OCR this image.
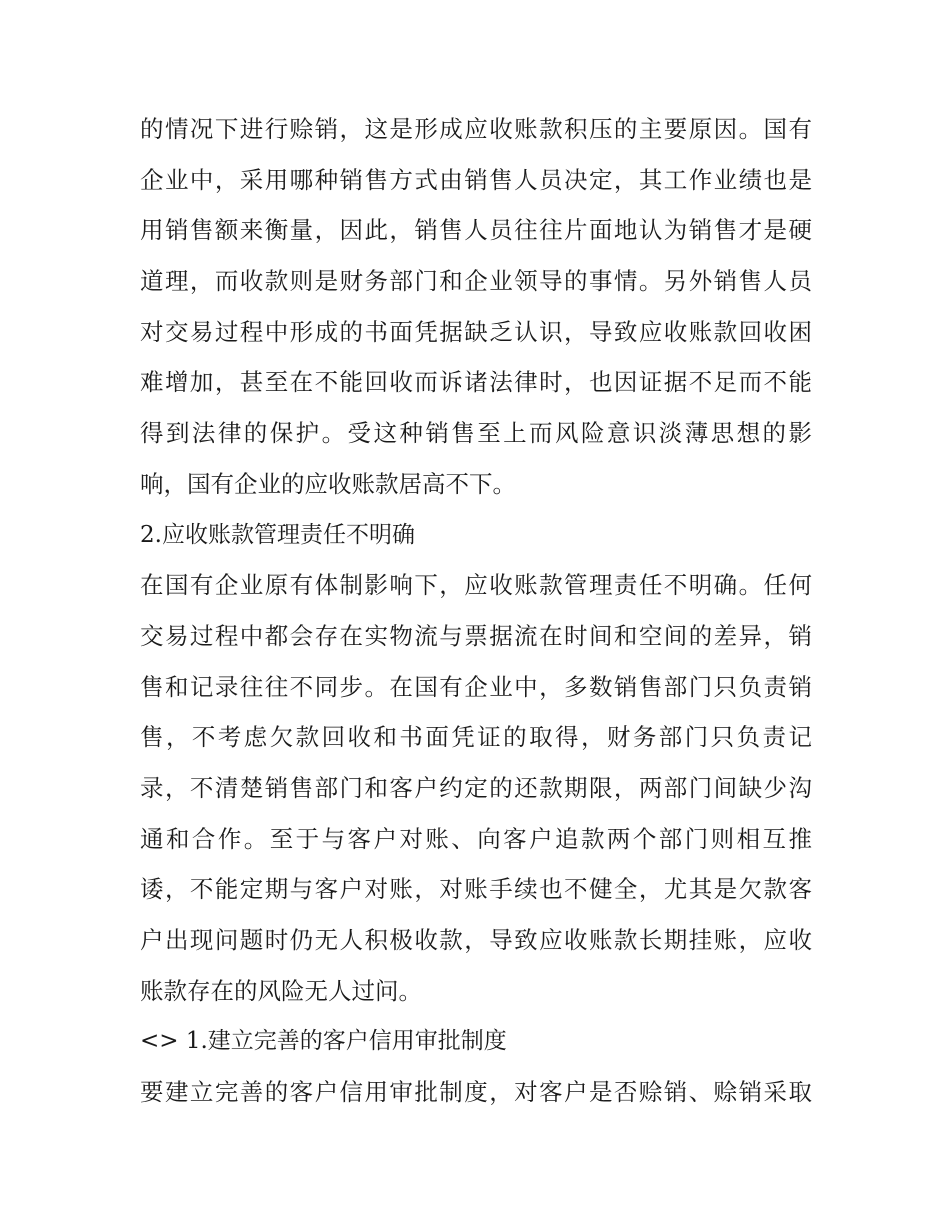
的情况下进行赊销，这是形成应收账款积压的主要原因。国有
企业中，采用哪种销售方式由销售人员决定，其工作业绩也是
用销售额来衡量，因此，销售人员往往片面地认为销售才是硬
道理，而收款则是财务部门和企业领导的事情。另外销售人员
对交易过程中形成的书面凭据缺乏认识，导致应收账款回收困
难增加，甚至在不能回收而诉诸法律时，也因证据不足而不能
得到法律的保护。受这种销售至上而风险意识淡薄思想的影
响，国有企业的应收账款居高不下。
2.应收账款管理责任不明确
在国有企业原有体制影响下，应收账款管理责任不明确。任何
交易过程中都会存在实物流与票据流在时间和空间的差异，销
售和记录往往不同步。在国有企业中，多数销售部门只负责销
售，不考虑欠款回收和书面凭证的取得，财务部门只负责记
录，不清楚销售部门和客户约定的还款期限，两部门间缺少沟
通和合作。至于与客户对账、向客户追款两个部门则相互推
诿，不能定期与客户对账，对账手续也不健全，尤其是欠款客
户出现问题时仍无人积极收款，导致应收账款长期挂账，应收
账款存在的风险无人过问。
<> 1.建立完善的客户信用审批制度
要建立完善的客户信用审批制度，对客户是否赊销、赊销采取
